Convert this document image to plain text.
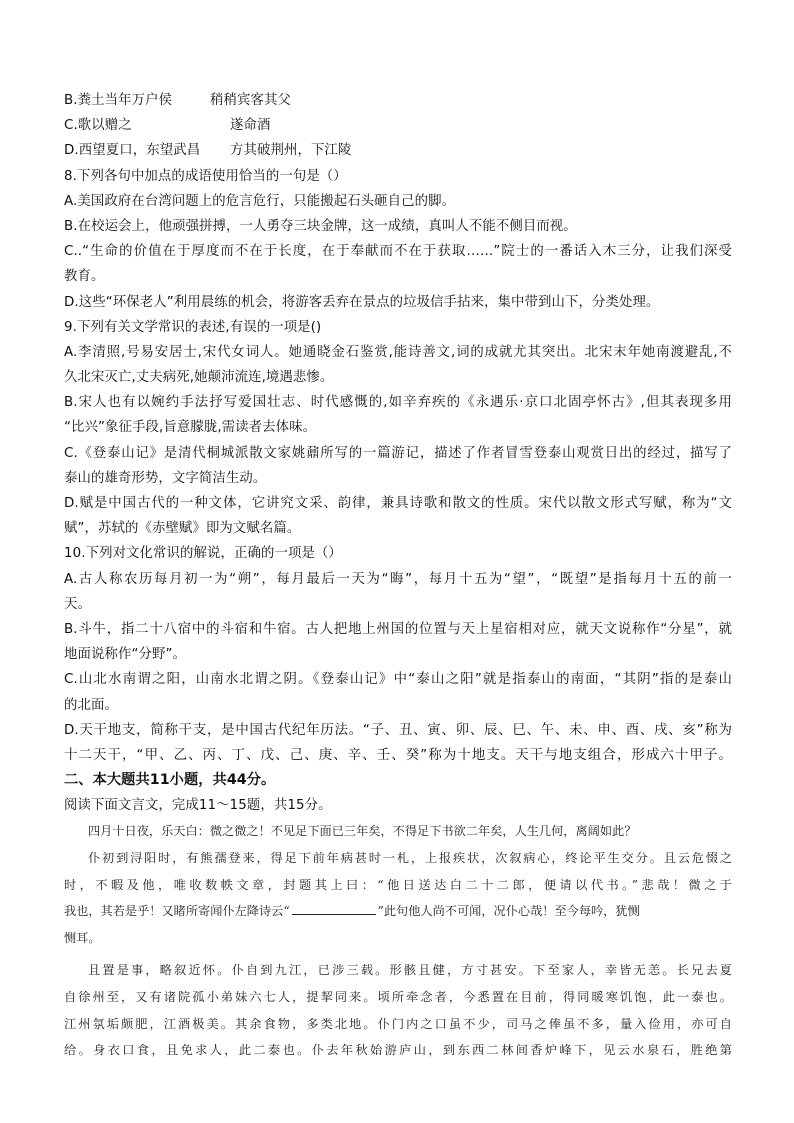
B.粪土当年万户侯	稍稍宾客其父
C.歌以赠之	遂命酒
D.西望夏口，东望武昌 方其破荆州，下江陵
8.下列各句中加点的成语使用恰当的一句是（）
A.美国政府在台湾问题上的危言危行，只能搬起石头砸自己的脚。
B.在校运会上，他顽强拼搏，一人勇夺三块金牌，这一成绩，真叫人不能不侧目而视。
C..“生命的价值在于厚度而不在于长度，在于奉献而不在于获取……”院士的一番话入木三分，让我们深受
教育。
D.这些“环保老人”利用晨练的机会，将游客丢弃在景点的垃圾信手拈来，集中带到山下，分类处理。
9.下列有关文学常识的表述,有误的一项是()
A.李清照,号易安居士,宋代女词人。她通晓金石鉴赏,能诗善文,词的成就尤其突出。北宋末年她南渡避乱,不
久北宋灭亡,丈夫病死,她颠沛流连,境遇悲惨。
B.宋人也有以婉约手法抒写爱国壮志、时代感慨的,如辛弃疾的《永遇乐·京口北固亭怀古》,但其表现多用
“比兴”象征手段,旨意朦胧,需读者去体味。
C.《登泰山记》是清代桐城派散文家姚鼐所写的一篇游记，描述了作者冒雪登泰山观赏日出的经过，描写了
泰山的雄奇形势，文字简洁生动。
D.赋是中国古代的一种文体，它讲究文采、韵律，兼具诗歌和散文的性质。宋代以散文形式写赋，称为“文
赋”，苏轼的《赤壁赋》即为文赋名篇。
10.下列对文化常识的解说，正确的一项是（）
A.古人称农历每月初一为“朔”，每月最后一天为“晦”，每月十五为“望”，“既望”是指每月十五的前一
天。
B.斗牛，指二十八宿中的斗宿和牛宿。古人把地上州国的位置与天上星宿相对应，就天文说称作“分星”，就
地面说称作“分野”。
C.山北水南谓之阳，山南水北谓之阴。《登泰山记》中“泰山之阳”就是指泰山的南面，“其阴”指的是泰山
的北面。
D.天干地支，简称干支，是中国古代纪年历法。“子、丑、寅、卯、辰、巳、午、未、申、酉、戌、亥”称为
十二天干，“甲、乙、丙、丁、戊、己、庚、辛、壬、癸”称为十地支。天干与地支组合，形成六十甲子。
二、本大题共11小题，共44分。
阅读下面文言文，完成11～15题，共15分。
四月十日夜，乐天白：微之微之！不见足下面已三年矣，不得足下书欲二年矣，人生几何，离阔如此？
仆初到浔阳时，有熊孺登来，得足下前年病甚时一札，上报疾状，次叙病心，终论平生交分。且云危惙之
时，不暇及他，唯收数帙文章，封题其上曰：“他日送达白二十二郎，便请以代书。”悲哉！微之于
我也，其若是乎！又睹所寄闻仆左降诗云“	”此句他人尚不可闻，况仆心哉！至今每吟，犹恻
恻耳。
且置是事，略叙近怀。仆自到九江，已涉三载。形骸且健，方寸甚安。下至家人，幸皆无恙。长兄去夏
自徐州至，又有诸院孤小弟妹六七人，提挈同来。顷所牵念者，今悉置在目前，得同暖寒饥饱，此一泰也。
江州氛垢颇肥，江酒极美。其余食物，多类北地。仆门内之口虽不少，司马之俸虽不多，量入俭用，亦可自
给。身衣口食，且免求人，此二泰也。仆去年秋始游庐山，到东西二林间香炉峰下，见云水泉石，胜绝第
